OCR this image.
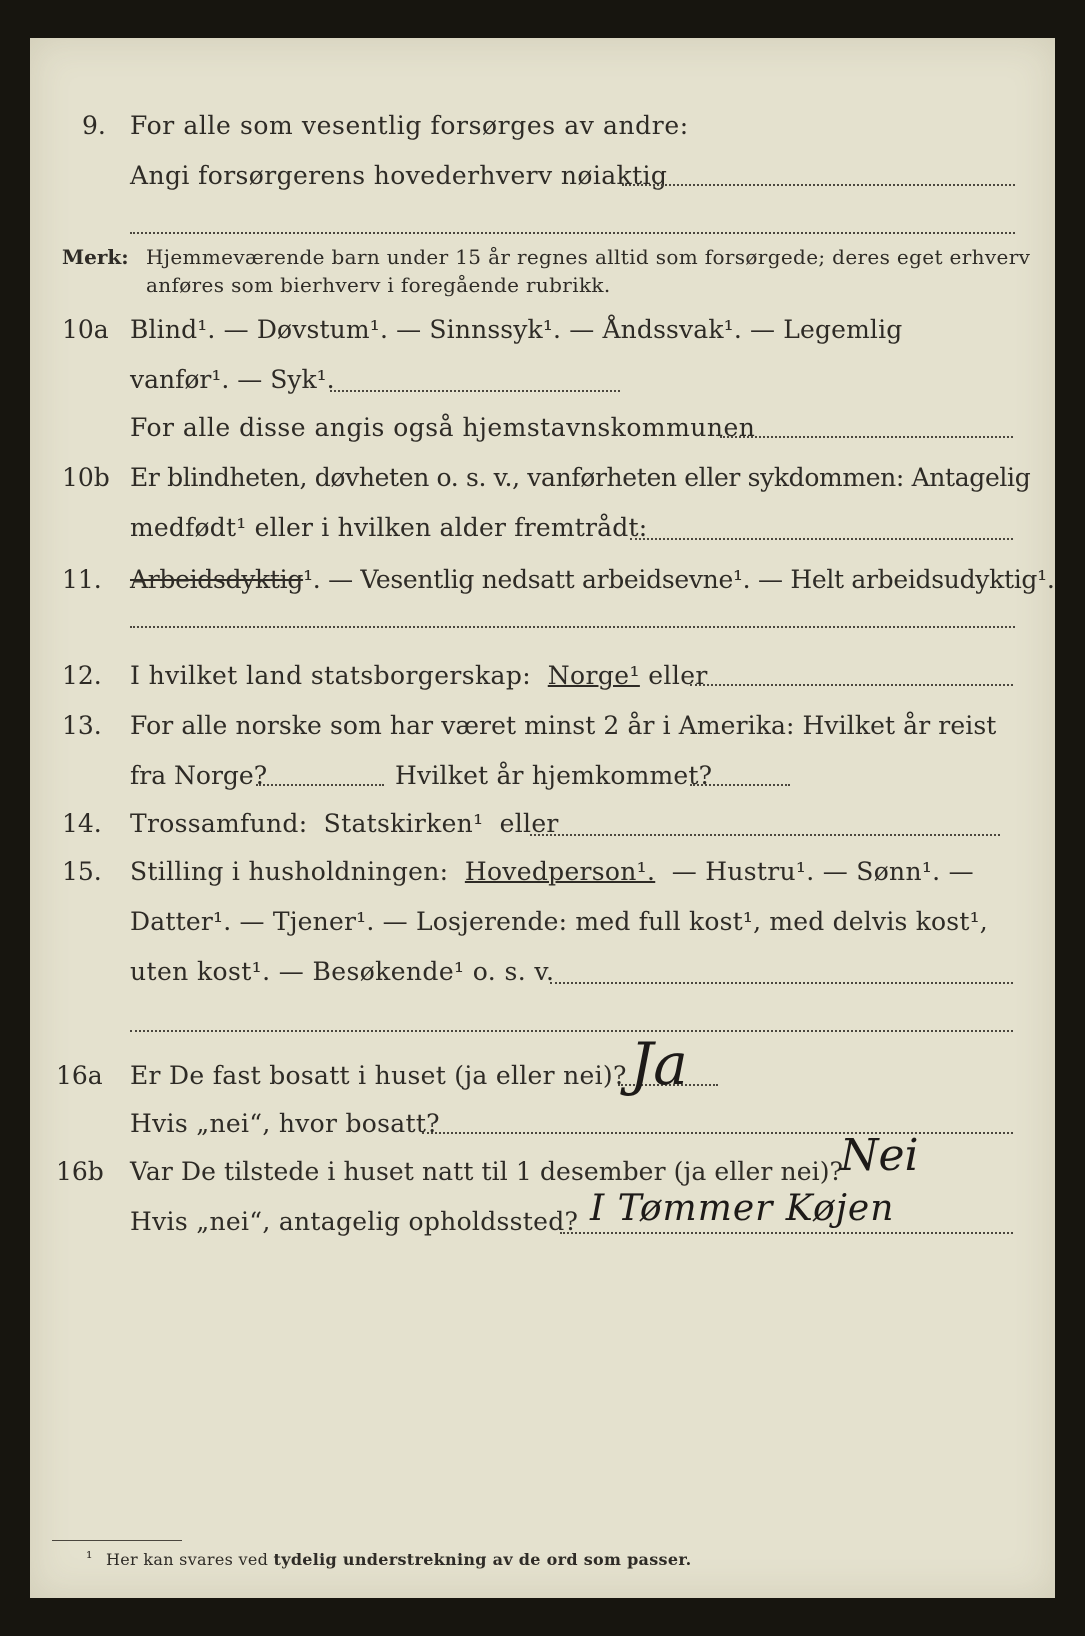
9. For alle som vesentlig forsørges av andre:
Angi forsørgerens hovederhverv nøiaktig
Merk: Hjemmeværende barn under 15 år regnes alltid som forsørgede; deres eget erhverv
anføres som bierhverv i foregående rubrikk.
10a Blind¹. — Døvstum¹. — Sinnssyk¹. — Åndssvak¹. — Legemlig
vanfør¹. — Syk¹.
For alle disse angis også hjemstavnskommunen
10b Er blindheten, døvheten o. s. v., vanførheten eller sykdommen: Antagelig
medfødt¹ eller i hvilken alder fremtrådt:
11. Arbeidsdyktig¹. — Vesentlig nedsatt arbeidsevne¹. — Helt arbeidsudyktig¹.
12. I hvilket land statsborgerskap: Norge¹ eller
13. For alle norske som har været minst 2 år i Amerika: Hvilket år reist
fra Norge?	Hvilket år hjemkommet?
14. Trossamfund: Statskirken¹ eller
15. Stilling i husholdningen: Hovedperson¹. — Hustru¹. — Sønn¹. —
Datter¹. — Tjener¹. — Losjerende: med full kost¹, med delvis kost¹,
uten kost¹. — Besøkende¹ o. s. v.
16a Er De fast bosatt i huset (ja eller nei)? Ja
Hvis „nei“, hvor bosatt?
16b Var De tilstede i huset natt til 1 desember (ja eller nei)?
Nei
Hvis „nei“, antagelig opholdssted? I Tømmer Køjen
¹ Her kan svares ved tydelig understrekning av de ord som passer.
